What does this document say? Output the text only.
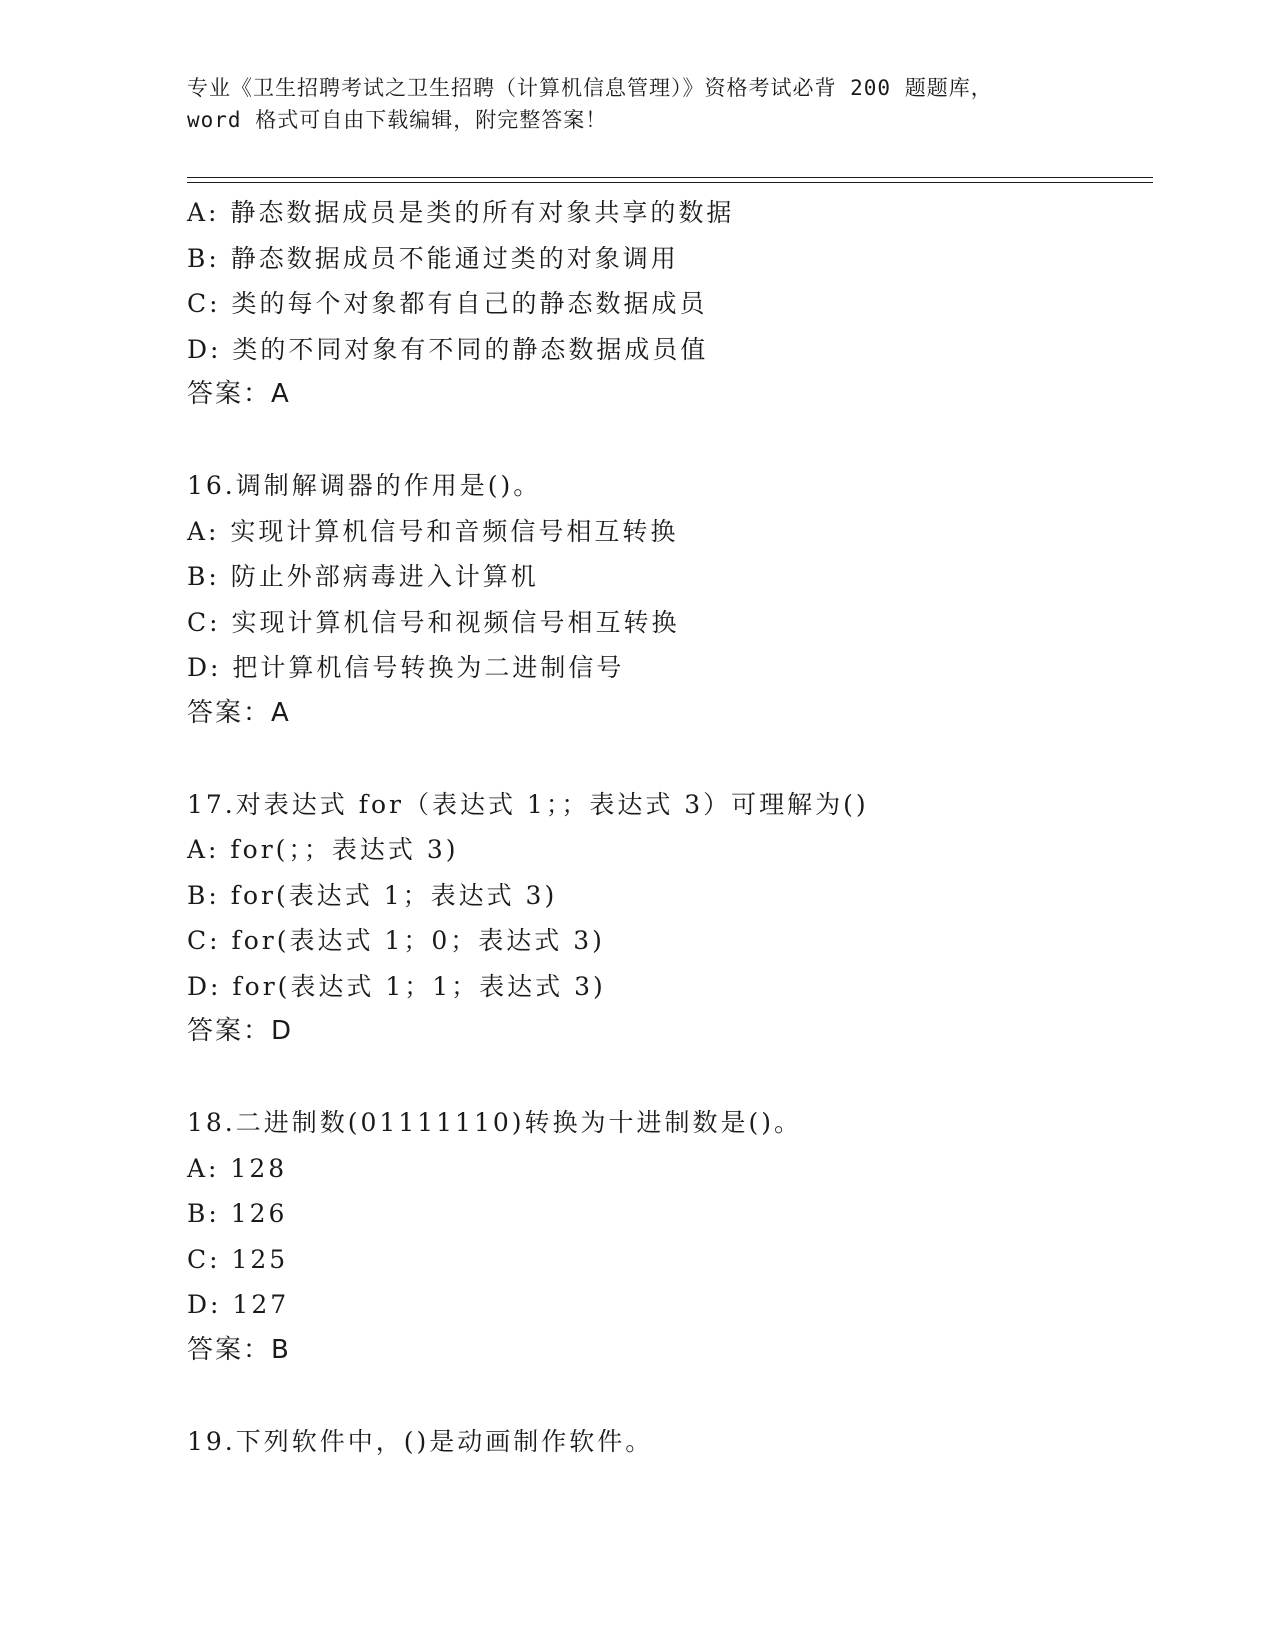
专业《卫生招聘考试之卫生招聘（计算机信息管理）》资格考试必背 200 题题库，
word 格式可自由下载编辑，附完整答案！
A: 静态数据成员是类的所有对象共享的数据
B: 静态数据成员不能通过类的对象调用
C: 类的每个对象都有自己的静态数据成员
D: 类的不同对象有不同的静态数据成员值
答案：A
16.调制解调器的作用是()。
A: 实现计算机信号和音频信号相互转换
B: 防止外部病毒进入计算机
C: 实现计算机信号和视频信号相互转换
D: 把计算机信号转换为二进制信号
答案：A
17.对表达式 for（表达式 1；；表达式 3）可理解为()
A: for(；；表达式 3)
B: for(表达式 1；表达式 3)
C: for(表达式 1；0；表达式 3)
D: for(表达式 1；1；表达式 3)
答案：D
18.二进制数(01111110)转换为十进制数是()。
A: 128
B: 126
C: 125
D: 127
答案：B
19.下列软件中，()是动画制作软件。
